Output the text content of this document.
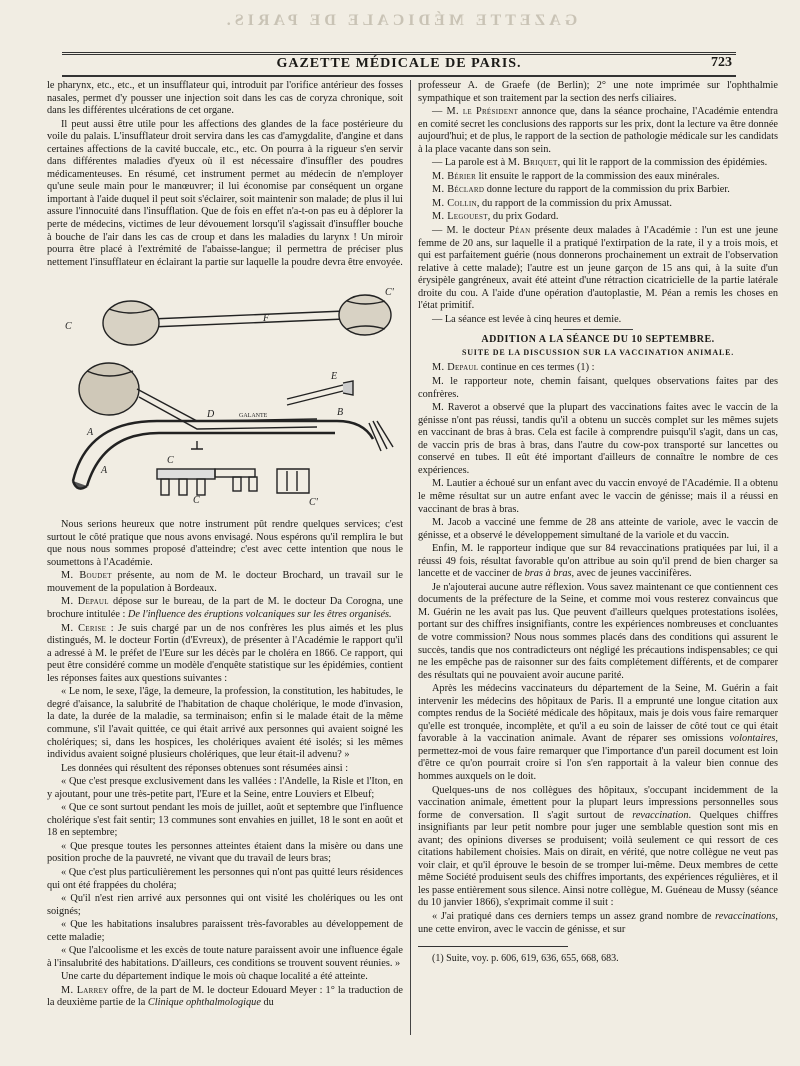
GAZETTE MÉDICALE DE PARIS.
GAZETTE MÉDICALE DE PARIS.	723

le pharynx, etc., etc., et un insufflateur qui, introduit par l'orifice antérieur des fosses nasales, permet d'y pousser une injection soit dans les cas de coryza chronique, soit dans les différentes ulcérations de cet organe.

Il peut aussi être utile pour les affections des glandes de la face postérieure du voile du palais. L'insufflateur droit servira dans les cas d'amygdalite, d'angine et dans certaines affections de la cavité buccale, etc., etc. On pourra à la rigueur s'en servir dans différentes maladies d'yeux où il est nécessaire d'insuffler des poudres médicamenteuses. En résumé, cet instrument permet au médecin de n'employer qu'une seule main pour le manœuvrer; il lui économise par conséquent un organe important à l'aide duquel il peut soit s'éclairer, soit maintenir son malade; de plus il lui assure l'innocuité dans l'insufflation. Que de fois en effet n'a-t-on pas eu à déplorer la perte de médecins, victimes de leur dévouement lorsqu'il s'agissait d'insuffler bouche à bouche de l'air dans les cas de croup et dans les maladies du larynx ! Un miroir pourra être placé à l'extrémité de l'abaisse-langue; il permettra de préciser plus nettement l'insufflateur en éclairant la partie sur laquelle la poudre devra être envoyée.

C
F
C'
A
D	GALANTE
E
B
A
C
C	C'

Nous serions heureux que notre instrument pût rendre quelques services; c'est surtout le côté pratique que nous avons envisagé. Nous espérons qu'il remplira le but que nous nous sommes proposé d'atteindre; c'est avec cette intention que nous le soumettons à l'Académie.

M. Boudet présente, au nom de M. le docteur Brochard, un travail sur le mouvement de la population à Bordeaux.

M. Depaul dépose sur le bureau, de la part de M. le docteur Da Corogna, une brochure intitulée : De l'influence des éruptions volcaniques sur les êtres organisés.

M. Cerise : Je suis chargé par un de nos confrères les plus aimés et les plus distingués, M. le docteur Fortin (d'Evreux), de présenter à l'Académie le rapport qu'il a adressé à M. le préfet de l'Eure sur les décès par le choléra en 1866. Ce rapport, qui peut être considéré comme un modèle d'enquête statistique sur les épidémies, contient les réponses faites aux questions suivantes :

« Le nom, le sexe, l'âge, la demeure, la profession, la constitution, les habitudes, le degré d'aisance, la salubrité de l'habitation de chaque cholérique, le mode d'invasion, la date, la durée de la maladie, sa terminaison; enfin si le malade était de la même commune, s'il l'avait quittée, ce qui était arrivé aux personnes qui avaient soigné les cholériques; si, dans les hospices, les cholériques avaient été isolés; si les mêmes individus avaient soigné plusieurs cholériques, que leur était-il advenu? »

Les données qui résultent des réponses obtenues sont résumées ainsi :

« Que c'est presque exclusivement dans les vallées : l'Andelle, la Risle et l'Iton, en y ajoutant, pour une très-petite part, l'Eure et la Seine, entre Louviers et Elbeuf;

« Que ce sont surtout pendant les mois de juillet, août et septembre que l'influence cholérique s'est fait sentir; 13 communes sont envahies en juillet, 18 le sont en août et 18 en septembre;

« Que presque toutes les personnes atteintes étaient dans la misère ou dans une position proche de la pauvreté, ne vivant que du travail de leurs bras;

« Que c'est plus particulièrement les personnes qui n'ont pas quitté leurs résidences qui ont été frappées du choléra;

« Qu'il n'est rien arrivé aux personnes qui ont visité les cholériques ou les ont soignés;

« Que les habitations insalubres paraissent très-favorables au développement de cette maladie;

« Que l'alcoolisme et les excès de toute nature paraissent avoir une influence égale à l'insalubrité des habitations. D'ailleurs, ces conditions se trouvent souvent réunies. »

Une carte du département indique le mois où chaque localité a été atteinte.

M. Larrey offre, de la part de M. le docteur Edouard Meyer : 1° la traduction de la deuxième partie de la Clinique ophthalmologique du

professeur A. de Graefe (de Berlin); 2° une note imprimée sur l'ophthalmie sympathique et son traitement par la section des nerfs ciliaires.

— M. le Président annonce que, dans la séance prochaine, l'Académie entendra en comité secret les conclusions des rapports sur les prix, dont la lecture va être donnée aujourd'hui; et de plus, le rapport de la section de pathologie médicale sur les candidats à la place vacante dans son sein.

— La parole est à M. Briquet, qui lit le rapport de la commission des épidémies.

M. Bérier lit ensuite le rapport de la commission des eaux minérales.

M. Béclard donne lecture du rapport de la commission du prix Barbier.

M. Collin, du rapport de la commission du prix Amussat.

M. Legouest, du prix Godard.

— M. le docteur Péan présente deux malades à l'Académie : l'un est une jeune femme de 20 ans, sur laquelle il a pratiqué l'extirpation de la rate, il y a trois mois, et qui est parfaitement guérie (nous donnerons prochainement un extrait de l'observation relative à cette malade); l'autre est un jeune garçon de 15 ans qui, à la suite d'un érysipèle gangréneux, avait été atteint d'une rétraction cicatricielle de la partie latérale droite du cou. A l'aide d'une opération d'autoplastie, M. Péan a remis les choses en l'état primitif.

— La séance est levée à cinq heures et demie.

ADDITION A LA SÉANCE DU 10 SEPTEMBRE.
SUITE DE LA DISCUSSION SUR LA VACCINATION ANIMALE.

M. Depaul continue en ces termes (1) :

M. le rapporteur note, chemin faisant, quelques observations faites par des confrères.

M. Raverot a observé que la plupart des vaccinations faites avec le vaccin de la génisse n'ont pas réussi, tandis qu'il a obtenu un succès complet sur les mêmes sujets en vaccinant de bras à bras. Cela est facile à comprendre puisqu'il s'agit, dans un cas, de vaccin pris de bras à bras, dans l'autre du cow-pox transporté sur lancettes ou conservé en tubes. Il eût été important d'ailleurs de connaître le nombre de ces expériences.

M. Lautier a échoué sur un enfant avec du vaccin envoyé de l'Académie. Il a obtenu le même résultat sur un autre enfant avec le vaccin de génisse; mais il a réussi en vaccinant de bras à bras.

M. Jacob a vacciné une femme de 28 ans atteinte de variole, avec le vaccin de génisse, et a observé le développement simultané de la variole et du vaccin.

Enfin, M. le rapporteur indique que sur 84 revaccinations pratiquées par lui, il a réussi 49 fois, résultat favorable qu'on attribue au soin qu'il prend de bien charger sa lancette et de vacciner de bras à bras, avec de jeunes vaccinifères.

Je n'ajouterai aucune autre réflexion. Vous savez maintenant ce que contiennent ces documents de la préfecture de la Seine, et comme moi vous resterez convaincus que M. Guérin ne les avait pas lus. Que peuvent d'ailleurs quelques protestations isolées, portant sur des chiffres insignifiants, contre les expériences nombreuses et concluantes de votre commission? Nous nous sommes placés dans des conditions qui assurent le succès, tandis que nos contradicteurs ont négligé les précautions indispensables; ce qui ne les empêche pas de raisonner sur des faits complétement différents, et de comparer des résultats qui ne pouvaient avoir aucune parité.

Après les médecins vaccinateurs du département de la Seine, M. Guérin a fait intervenir les médecins des hôpitaux de Paris. Il a emprunté une longue citation aux comptes rendus de la Société médicale des hôpitaux, mais je dois vous faire remarquer qu'elle est tronquée, incomplète, et qu'il a eu soin de laisser de côté tout ce qui était favorable à la vaccination animale. Avant de réparer ses omissions volontaires, permettez-moi de vous faire remarquer que l'importance d'un pareil document est loin d'être ce qu'on pourrait croire si l'on s'en rapportait à la valeur bien connue des hommes auxquels on le doit.

Quelques-uns de nos collègues des hôpitaux, s'occupant incidemment de la vaccination animale, émettent pour la plupart leurs impressions personnelles sous forme de conversation. Il s'agit surtout de revaccination. Quelques chiffres insignifiants par leur petit nombre pour juger une semblable question sont mis en avant; des opinions diverses se produisent; voilà seulement ce qui ressort de ces citations habilement choisies. Mais on dirait, en vérité, que notre collègue ne veut pas voir clair, et qu'il éprouve le besoin de se tromper lui-même. Deux membres de cette même Société produisent seuls des chiffres importants, des expériences régulières, et il les passe entièrement sous silence. Ainsi notre collègue, M. Guéneau de Mussy (séance du 10 janvier 1866), s'exprimait comme il suit :

« J'ai pratiqué dans ces derniers temps un assez grand nombre de revaccinations, une cette environ, avec le vaccin de génisse, et sur

(1) Suite, voy. p. 606, 619, 636, 655, 668, 683.
